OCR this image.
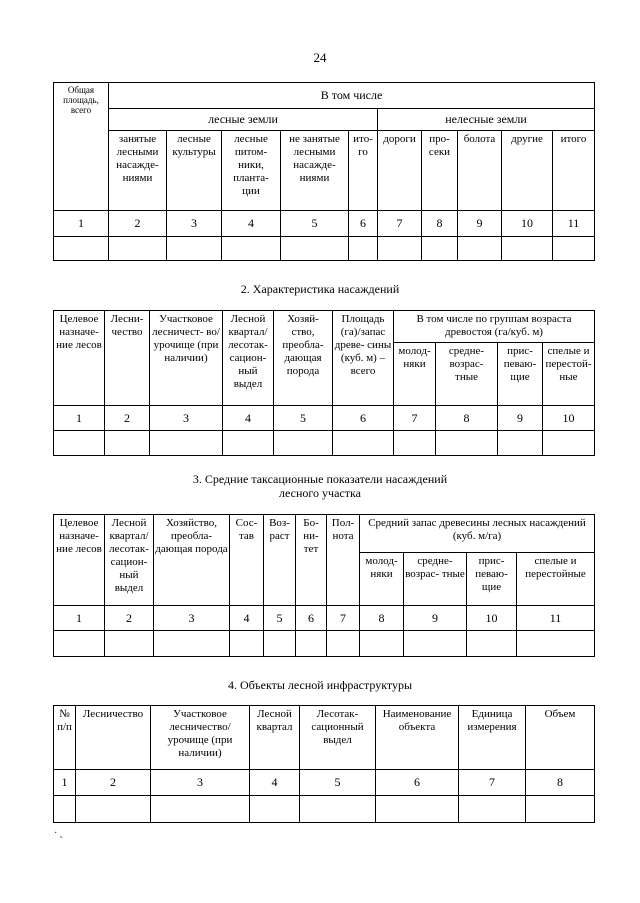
24
Общая площадь, всего	В том числе									
	лесные земли					нелесные земли				
	занятые лесными насажде- ниями	лесные культуры	лесные питом- ники, планта- ции	не занятые лесными насажде- ниями	ито- го	дороги	про- секи	болота	другие	итого
1	2	3	4	5	6	7	8	9	10	11

2. Характеристика насаждений
Целевое назначе- ние лесов	Лесни- чество	Участковое лесничест- во/урочище (при наличии)	Лесной квартал/ лесотак- сацион- ный выдел	Хозяй- ство, преобла- дающая порода	Площадь (га)/запас древе- сины (куб. м) – всего	В том числе по группам возраста древостоя (га/куб. м)			
						молод- няки	средне- возрас- тные	прис- певаю- щие	спелые и перестой- ные
1	2	3	4	5	6	7	8	9	10

3. Средние таксационные показатели насаждений
лесного участка
Целевое назначе- ние лесов	Лесной квартал/ лесотак- сацион- ный выдел	Хозяйство, преобла- дающая порода	Сос- тав	Воз- раст	Бо- ни- тет	Пол- нота	Средний запас древесины лесных насаждений (куб. м/га)			
							молод- няки	средне- возрас- тные	прис- певаю- щие	спелые и перестойные
1	2	3	4	5	6	7	8	9	10	11

4. Объекты лесной инфраструктуры
№ п/п	Лесничество	Участковое лесничество/ урочище (при наличии)	Лесной квартал	Лесотак- сационный выдел	Наименование объекта	Единица измерения	Объем
1	2	3	4	5	6	7	8

· ˛
